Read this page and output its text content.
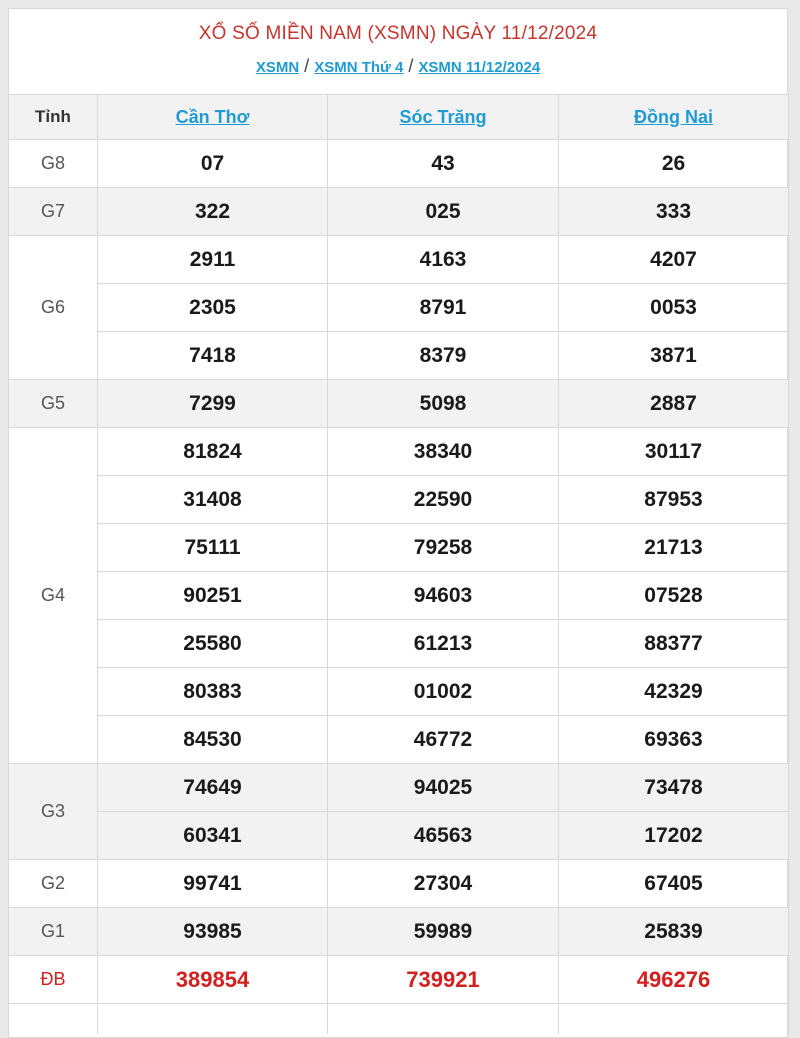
XỔ SỐ MIỀN NAM (XSMN) NGÀY 11/12/2024
XSMN / XSMN Thứ 4 / XSMN 11/12/2024
Tỉnh	Cần Thơ	Sóc Trăng	Đồng Nai
G8	07	43	26
G7	322	025	333
G6	2911	4163	4207
	2305	8791	0053
	7418	8379	3871
G5	7299	5098	2887
G4	81824	38340	30117
	31408	22590	87953
	75111	79258	21713
	90251	94603	07528
	25580	61213	88377
	80383	01002	42329
	84530	46772	69363
G3	74649	94025	73478
	60341	46563	17202
G2	99741	27304	67405
G1	93985	59989	25839
ĐB	389854	739921	496276
